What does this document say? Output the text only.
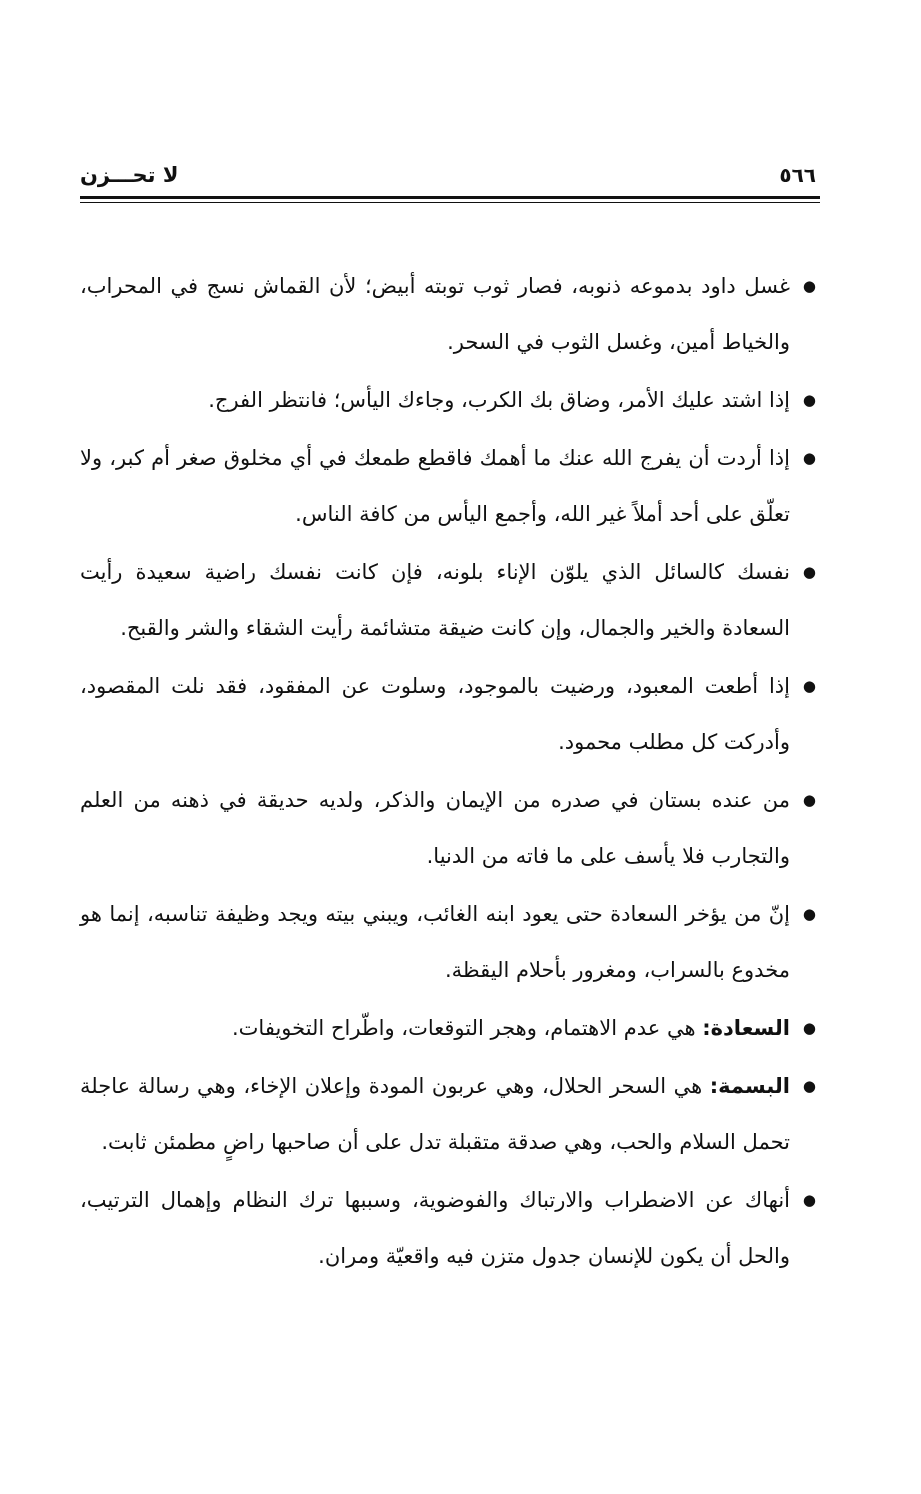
٥٦٦
لا تحـــزن
●
غسل داود بدموعه ذنوبه، فصار ثوب توبته أبيض؛ لأن القماش نسج في المحراب، والخياط أمين، وغسل الثوب في السحر.
●
إذا اشتد عليك الأمر، وضاق بك الكرب، وجاءك اليأس؛ فانتظر الفرج.
●
إذا أردت أن يفرج الله عنك ما أهمك فاقطع طمعك في أي مخلوق صغر أم كبر، ولا تعلّق على أحد أملاً غير الله، وأجمع اليأس من كافة الناس.
●
نفسك كالسائل الذي يلوّن الإناء بلونه، فإن كانت نفسك راضية سعيدة رأيت السعادة والخير والجمال، وإن كانت ضيقة متشائمة رأيت الشقاء والشر والقبح.
●
إذا أطعت المعبود، ورضيت بالموجود، وسلوت عن المفقود، فقد نلت المقصود، وأدركت كل مطلب محمود.
●
من عنده بستان في صدره من الإيمان والذكر، ولديه حديقة في ذهنه من العلم والتجارب فلا يأسف على ما فاته من الدنيا.
●
إنّ من يؤخر السعادة حتى يعود ابنه الغائب، ويبني بيته ويجد وظيفة تناسبه، إنما هو مخدوع بالسراب، ومغرور بأحلام اليقظة.
●
السعادة: هي عدم الاهتمام، وهجر التوقعات، واطّراح التخويفات.
●
البسمة: هي السحر الحلال، وهي عربون المودة وإعلان الإخاء، وهي رسالة عاجلة تحمل السلام والحب، وهي صدقة متقبلة تدل على أن صاحبها راضٍ مطمئن ثابت.
●
أنهاك عن الاضطراب والارتباك والفوضوية، وسببها ترك النظام وإهمال الترتيب، والحل أن يكون للإنسان جدول متزن فيه واقعيّة ومران.
